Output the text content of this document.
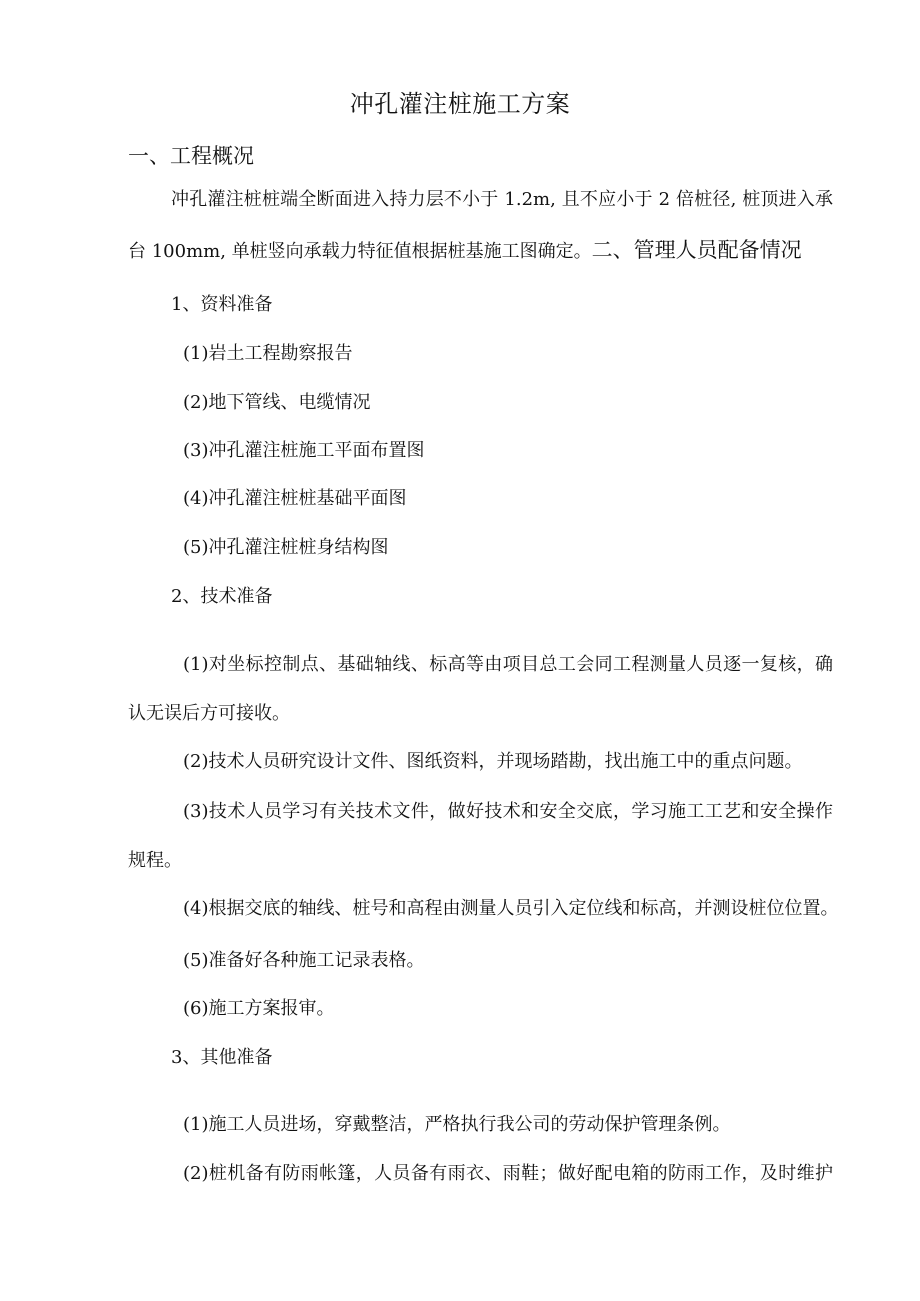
冲孔灌注桩施工方案

一、工程概况

冲孔灌注桩桩端全断面进入持力层不小于 1.2m, 且不应小于 2 倍桩径, 桩顶进入承

台 100mm, 单桩竖向承载力特征值根据桩基施工图确定。二、管理人员配备情况

1、资料准备

(1)岩土工程勘察报告

(2)地下管线、电缆情况

(3)冲孔灌注桩施工平面布置图

(4)冲孔灌注桩桩基础平面图

(5)冲孔灌注桩桩身结构图

2、技术准备

(1)对坐标控制点、基础轴线、标高等由项目总工会同工程测量人员逐一复核，确

认无误后方可接收。

(2)技术人员研究设计文件、图纸资料，并现场踏勘，找出施工中的重点问题。

(3)技术人员学习有关技术文件，做好技术和安全交底，学习施工工艺和安全操作

规程。

(4)根据交底的轴线、桩号和高程由测量人员引入定位线和标高，并测设桩位位置。

(5)准备好各种施工记录表格。

(6)施工方案报审。

3、其他准备

(1)施工人员进场，穿戴整洁，严格执行我公司的劳动保护管理条例。

(2)桩机备有防雨帐篷，人员备有雨衣、雨鞋；做好配电箱的防雨工作，及时维护
